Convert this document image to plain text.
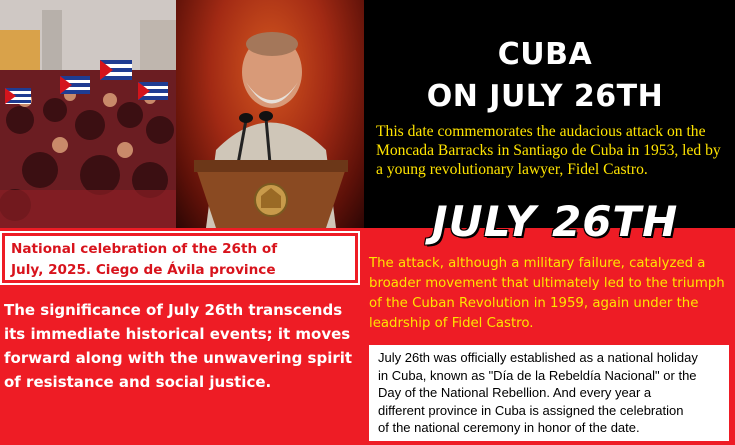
CUBA
ON JULY 26TH
This date commemorates the audacious attack on the Moncada Barracks in Santiago de Cuba in 1953, led by a young revolutionary lawyer, Fidel Castro.
JULY 26TH
National celebration of the 26th of
July, 2025. Ciego de Ávila province
The significance of July 26th transcends its immediate historical events; it moves forward along with the unwavering spirit of resistance and social justice.
The attack, although a military failure, catalyzed a broader movement that ultimately led to the triumph of the Cuban Revolution in 1959, again under the leadrship of Fidel Castro.
July 26th was officially established as a national holiday
in Cuba, known as "Día de la Rebeldía Nacional" or the
Day of the National Rebellion. And every year a
different province in Cuba is assigned the celebration
of the national ceremony in honor of the date.
